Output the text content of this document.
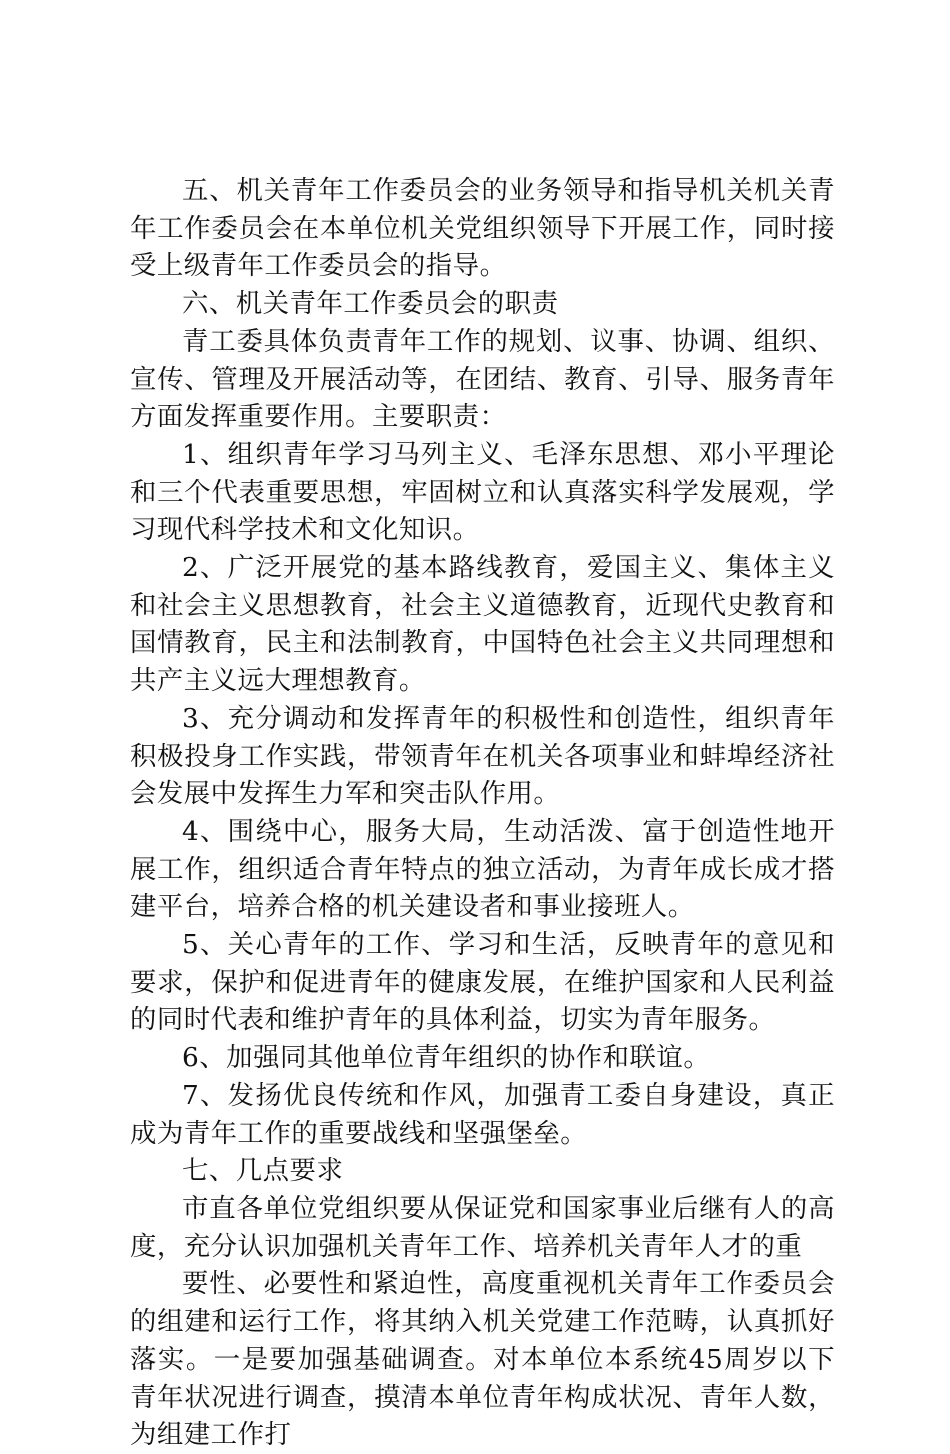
五、机关青年工作委员会的业务领导和指导机关机关青年工作委员会在本单位机关党组织领导下开展工作，同时接受上级青年工作委员会的指导。

六、机关青年工作委员会的职责

青工委具体负责青年工作的规划、议事、协调、组织、宣传、管理及开展活动等，在团结、教育、引导、服务青年方面发挥重要作用。主要职责：

1、组织青年学习马列主义、毛泽东思想、邓小平理论和三个代表重要思想，牢固树立和认真落实科学发展观，学习现代科学技术和文化知识。

2、广泛开展党的基本路线教育，爱国主义、集体主义和社会主义思想教育，社会主义道德教育，近现代史教育和国情教育，民主和法制教育，中国特色社会主义共同理想和共产主义远大理想教育。

3、充分调动和发挥青年的积极性和创造性，组织青年积极投身工作实践，带领青年在机关各项事业和蚌埠经济社会发展中发挥生力军和突击队作用。

4、围绕中心，服务大局，生动活泼、富于创造性地开展工作，组织适合青年特点的独立活动，为青年成长成才搭建平台，培养合格的机关建设者和事业接班人。

5、关心青年的工作、学习和生活，反映青年的意见和要求，保护和促进青年的健康发展，在维护国家和人民利益的同时代表和维护青年的具体利益，切实为青年服务。

6、加强同其他单位青年组织的协作和联谊。

7、发扬优良传统和作风，加强青工委自身建设，真正成为青年工作的重要战线和坚强堡垒。

七、几点要求

市直各单位党组织要从保证党和国家事业后继有人的高度，充分认识加强机关青年工作、培养机关青年人才的重

要性、必要性和紧迫性，高度重视机关青年工作委员会的组建和运行工作，将其纳入机关党建工作范畴，认真抓好落实。一是要加强基础调查。对本单位本系统45周岁以下青年状况进行调查，摸清本单位青年构成状况、青年人数，为组建工作打
